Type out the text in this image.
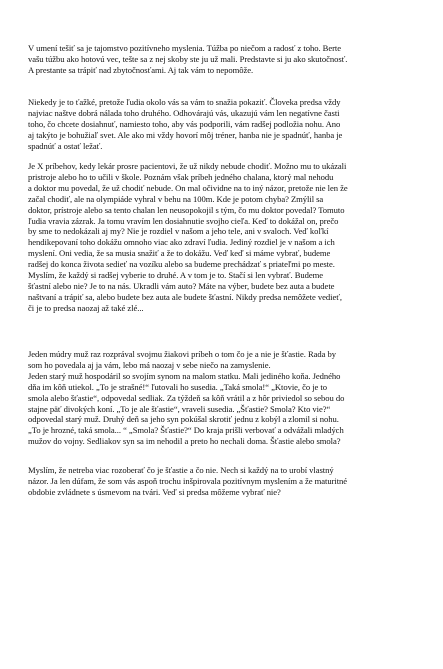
V umení tešiť sa je tajomstvo pozitívneho myslenia. Túžba po niečom a radosť z toho. Berte
vašu túžbu ako hotovú vec, tešte sa z nej skoby ste ju už mali. Predstavte si ju ako skutočnosť.
A prestante sa trápiť nad zbytočnosťami. Aj tak vám to nepomôže.

Niekedy je to ťažké, pretože ľudia okolo vás sa vám to snažia pokaziť. Človeka predsa vždy
najviac naštve dobrá nálada toho druhého. Odhovárajú vás, ukazujú vám len negatívne časti
toho, čo chcete dosiahnuť, namiesto toho, aby vás podporili, vám radšej podložia nohu. Ano
aj takýto je bohužiaľ svet. Ale ako mi vždy hovorí môj tréner, hanba nie je spadnúť, hanba je
spadnúť a ostať ležať.

Je X príbehov, kedy lekár prosre pacientovi, že už nikdy nebude chodiť. Možno mu to ukázali
pristroje alebo ho to učili v škole. Poznám však príbeh jedného chalana, ktorý mal nehodu
a doktor mu povedal, že už chodiť nebude. On mal očividne na to iný názor, pretože nie len že
začal chodiť, ale na olympiáde vyhral v behu na 100m. Kde je potom chyba? Zmýlil sa
doktor, prístroje alebo sa tento chalan len neusopokojil s tým, čo mu doktor povedal? Tomuto
ľudia vravia zázrak. Ja tomu vravím len dosiahnutie svojho cieľa. Keď to dokážal on, prečo
by sme to nedokázali aj my? Nie je rozdiel v našom a jeho tele, ani v svaloch. Veď koľkí
hendikepovaní toho dokážu omnoho viac ako zdraví ľudia. Jediný rozdiel je v našom a ich
myslení. Oni vedia, že sa musia snažiť a že to dokážu. Veď keď si máme vybrať, budeme
radšej do konca života sedieť na vozíku alebo sa budeme prechádzať s priateľmi po meste.
Myslím, že každý si radšej vyberie to druhé. A v tom je to. Stačí si len vybrať. Budeme
šťastní alebo nie? Je to na nás. Ukradli vám auto? Máte na výber, budete bez auta a budete
naštvaní a trápiť sa, alebo budete bez auta ale budete šťastní. Nikdy predsa nemôžete vedieť,
či je to predsa naozaj až také zlé...

Jeden múdry muž raz rozprával svojmu žiakovi príbeh o tom čo je a nie je šťastie. Rada by
som ho povedala aj ja vám, lebo má naozaj v sebe niečo na zamyslenie.
Jeden starý muž hospodáril so svojím synom na malom statku. Mali jediného koňa. Jedného
dňa im kôň utiekol. „To je strašné!“ ľutovali ho susedia. „Taká smola!“ „Ktovie, čo je to
smola alebo šťastie“, odpovedal sedliak. Za týždeň sa kôň vrátil a z hôr priviedol so sebou do
stajne päť divokých koní. „To je ale šťastie“, vraveli susedia. „Šťastie? Smola? Kto vie?“
odpovedal starý muž. Druhý deň sa jeho syn pokúšal skrotiť jednu z kobýl a zlomil si nohu.
„To je hrozné, taká smola... “ „Smola? Šťastie?“ Do kraja prišli verbovať a odvážali mladých
mužov do vojny. Sedliakov syn sa im nehodil a preto ho nechali doma. Šťastie alebo smola?

Myslím, že netreba viac rozoberať čo je šťastie a čo nie. Nech si každý na to urobí vlastný
názor. Ja len dúfam, že som vás aspoň trochu inšpirovala pozitívnym myslením a že maturitné
obdobie zvládnete s úsmevom na tvári. Veď si predsa môžeme vybrať nie?
